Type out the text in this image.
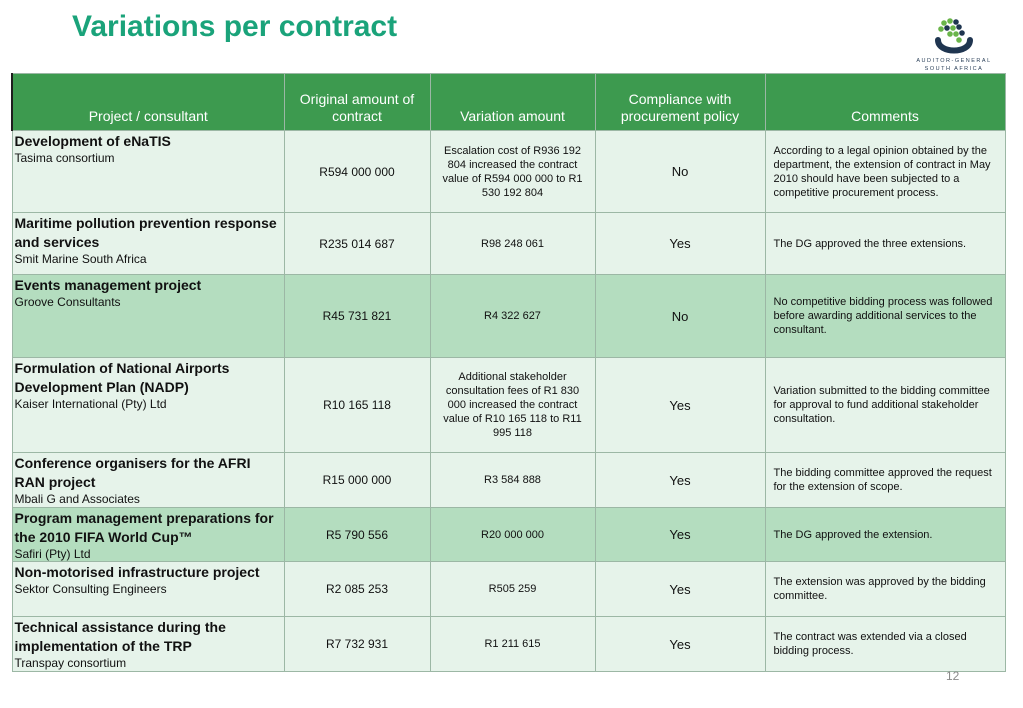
Variations per contract
AUDITOR-GENERAL
SOUTH AFRICA
Project / consultant	Original amount of contract	Variation amount	Compliance with procurement policy	Comments

Development of eNaTIS
Tasima consortium	R594 000 000	Escalation cost of R936 192 804 increased the contract value of R594 000 000 to R1 530 192 804	No	According to a legal opinion obtained by the department, the extension of contract in May 2010 should have been subjected to a competitive procurement process.

Maritime pollution prevention response and services
Smit Marine South Africa	R235 014 687	R98 248 061	Yes	The DG approved the three extensions.

Events management project
Groove Consultants	R45 731 821	R4 322 627	No	No competitive bidding process was followed before awarding additional services to the consultant.

Formulation of National Airports Development Plan (NADP)
Kaiser International (Pty) Ltd	R10 165 118	Additional stakeholder consultation fees of R1 830 000 increased the contract value of R10 165 118 to R11 995 118	Yes	Variation submitted to the bidding committee for approval to fund additional stakeholder consultation.

Conference organisers for the AFRI RAN project
Mbali G and Associates	R15 000 000	R3 584 888	Yes	The bidding committee approved the request for the extension of scope.

Program management preparations for the 2010 FIFA World Cup™
Safiri (Pty) Ltd	R5 790 556	R20 000 000	Yes	The DG approved the extension.

Non-motorised infrastructure project
Sektor Consulting Engineers	R2 085 253	R505 259	Yes	The extension was approved by the bidding committee.

Technical assistance during the implementation of the TRP
Transpay consortium	R7 732 931	R1 211 615	Yes	The contract was extended via a closed bidding process.
12
